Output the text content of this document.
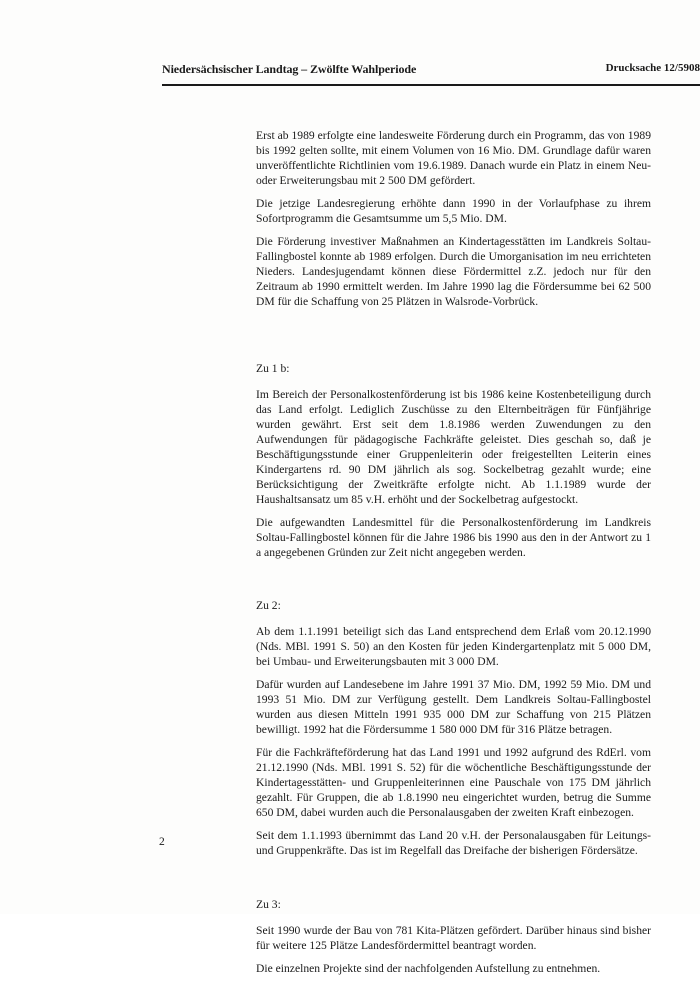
Niedersächsischer Landtag – Zwölfte Wahlperiode	Drucksache 12/5908

Erst ab 1989 erfolgte eine landesweite Förderung durch ein Programm, das von 1989 bis 1992 gelten sollte, mit einem Volumen von 16 Mio. DM. Grundlage dafür waren unveröffentlichte Richtlinien vom 19.6.1989. Danach wurde ein Platz in einem Neu- oder Erweiterungsbau mit 2 500 DM gefördert.

Die jetzige Landesregierung erhöhte dann 1990 in der Vorlaufphase zu ihrem Sofortprogramm die Gesamtsumme um 5,5 Mio. DM.

Die Förderung investiver Maßnahmen an Kindertagesstätten im Landkreis Soltau-Fallingbostel konnte ab 1989 erfolgen. Durch die Umorganisation im neu errichteten Nieders. Landesjugendamt können diese Fördermittel z.Z. jedoch nur für den Zeitraum ab 1990 ermittelt werden. Im Jahre 1990 lag die Fördersumme bei 62 500 DM für die Schaffung von 25 Plätzen in Walsrode-Vorbrück.

Zu 1 b:

Im Bereich der Personalkostenförderung ist bis 1986 keine Kostenbeteiligung durch das Land erfolgt. Lediglich Zuschüsse zu den Elternbeiträgen für Fünfjährige wurden gewährt. Erst seit dem 1.8.1986 werden Zuwendungen zu den Aufwendungen für pädagogische Fachkräfte geleistet. Dies geschah so, daß je Beschäftigungsstunde einer Gruppenleiterin oder freigestellten Leiterin eines Kindergartens rd. 90 DM jährlich als sog. Sockelbetrag gezahlt wurde; eine Berücksichtigung der Zweitkräfte erfolgte nicht. Ab 1.1.1989 wurde der Haushaltsansatz um 85 v.H. erhöht und der Sockelbetrag aufgestockt.

Die aufgewandten Landesmittel für die Personalkostenförderung im Landkreis Soltau-Fallingbostel können für die Jahre 1986 bis 1990 aus den in der Antwort zu 1 a angegebenen Gründen zur Zeit nicht angegeben werden.

Zu 2:

Ab dem 1.1.1991 beteiligt sich das Land entsprechend dem Erlaß vom 20.12.1990 (Nds. MBl. 1991 S. 50) an den Kosten für jeden Kindergartenplatz mit 5 000 DM, bei Umbau- und Erweiterungsbauten mit 3 000 DM.

Dafür wurden auf Landesebene im Jahre 1991 37 Mio. DM, 1992 59 Mio. DM und 1993 51 Mio. DM zur Verfügung gestellt. Dem Landkreis Soltau-Fallingbostel wurden aus diesen Mitteln 1991 935 000 DM zur Schaffung von 215 Plätzen bewilligt. 1992 hat die Fördersumme 1 580 000 DM für 316 Plätze betragen.

Für die Fachkräfteförderung hat das Land 1991 und 1992 aufgrund des RdErl. vom 21.12.1990 (Nds. MBl. 1991 S. 52) für die wöchentliche Beschäftigungsstunde der Kindertagesstätten- und Gruppenleiterinnen eine Pauschale von 175 DM jährlich gezahlt. Für Gruppen, die ab 1.8.1990 neu eingerichtet wurden, betrug die Summe 650 DM, dabei wurden auch die Personalausgaben der zweiten Kraft einbezogen.

Seit dem 1.1.1993 übernimmt das Land 20 v.H. der Personalausgaben für Leitungs- und Gruppenkräfte. Das ist im Regelfall das Dreifache der bisherigen Fördersätze.

Zu 3:

Seit 1990 wurde der Bau von 781 Kita-Plätzen gefördert. Darüber hinaus sind bisher für weitere 125 Plätze Landesfördermittel beantragt worden.

Die einzelnen Projekte sind der nachfolgenden Aufstellung zu entnehmen.

2
